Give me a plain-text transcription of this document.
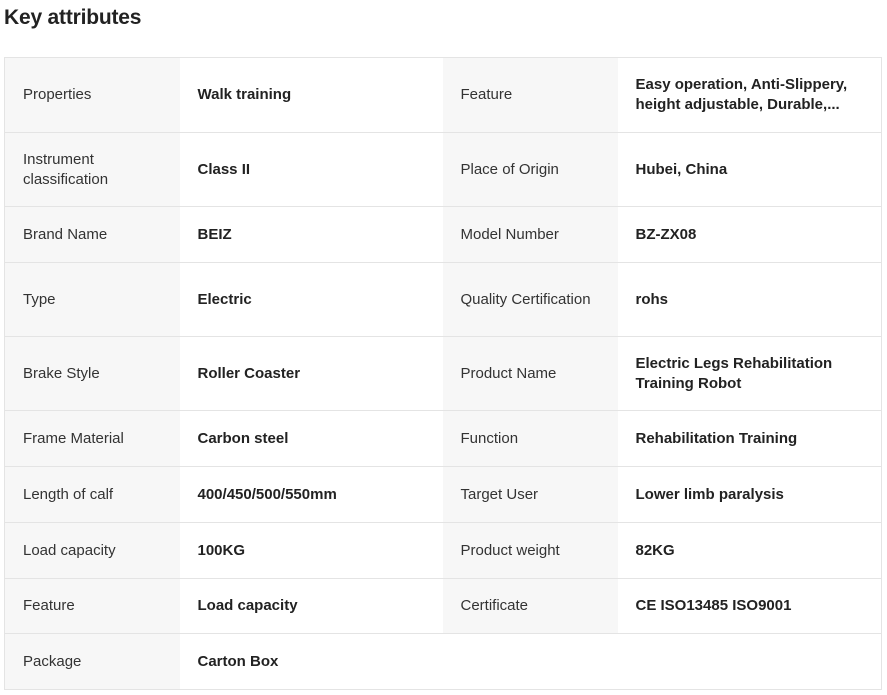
Key attributes
Properties	Walk training	Feature	Easy operation, Anti-Slippery, height adjustable, Durable,...
Instrument classification	Class II	Place of Origin	Hubei, China
Brand Name	BEIZ	Model Number	BZ-ZX08
Type	Electric	Quality Certification	rohs
Brake Style	Roller Coaster	Product Name	Electric Legs Rehabilitation Training Robot
Frame Material	Carbon steel	Function	Rehabilitation Training
Length of calf	400/450/500/550mm	Target User	Lower limb paralysis
Load capacity	100KG	Product weight	82KG
Feature	Load capacity	Certificate	CE ISO13485 ISO9001
Package	Carton Box		
